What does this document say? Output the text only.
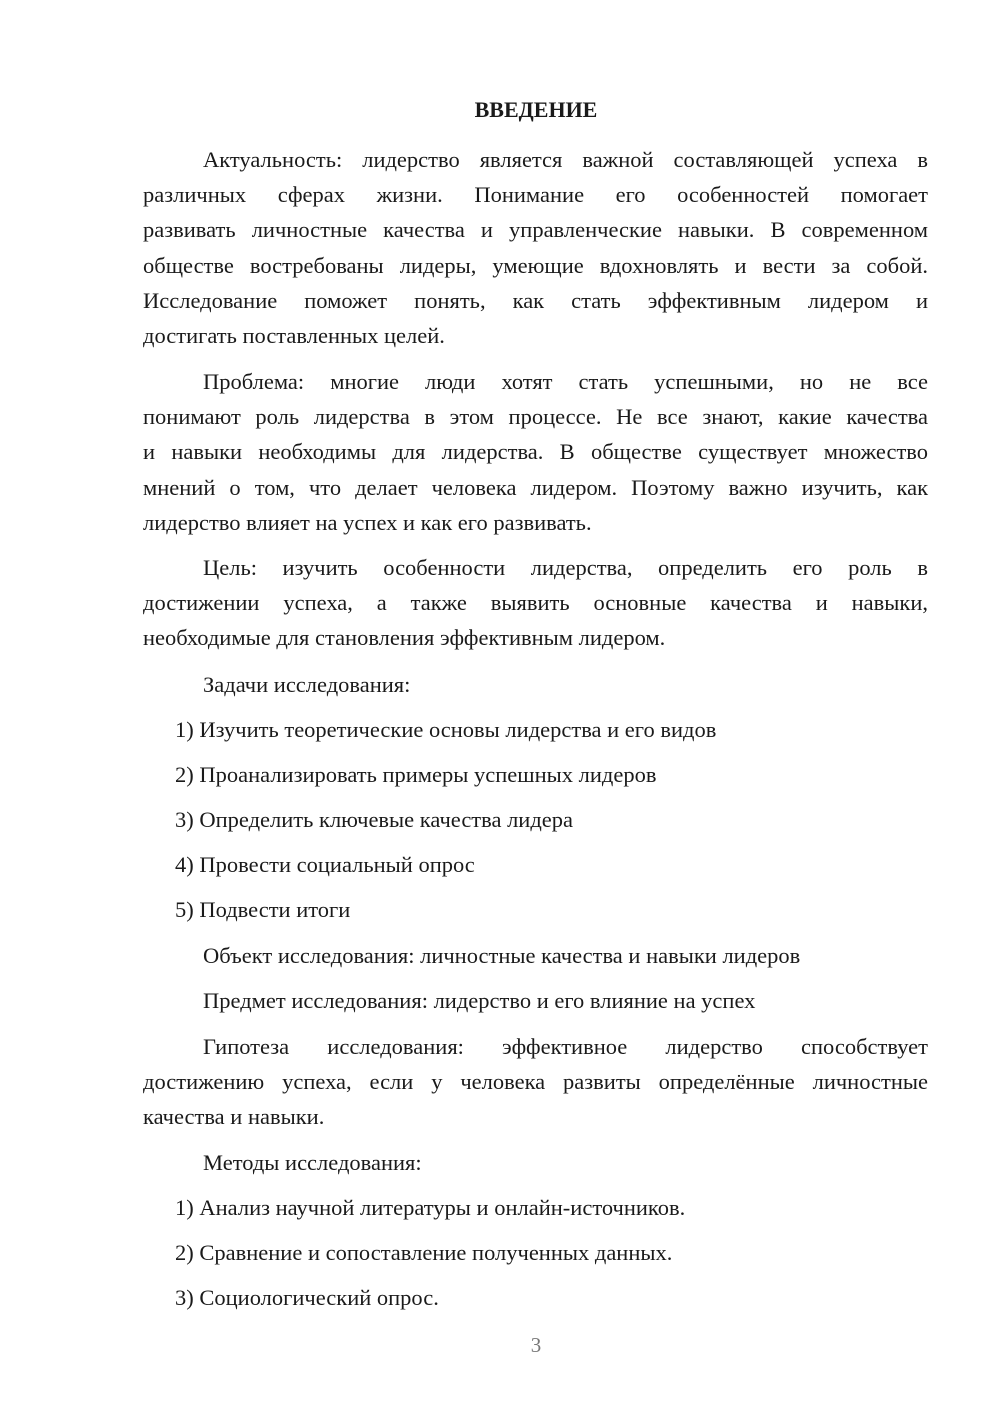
ВВЕДЕНИЕ
Актуальность: лидерство является важной составляющей успеха в
различных сферах жизни. Понимание его особенностей помогает
развивать личностные качества и управленческие навыки. В современном
обществе востребованы лидеры, умеющие вдохновлять и вести за собой.
Исследование поможет понять, как стать эффективным лидером и
достигать поставленных целей.
Проблема: многие люди хотят стать успешными, но не все
понимают роль лидерства в этом процессе. Не все знают, какие качества
и навыки необходимы для лидерства. В обществе существует множество
мнений о том, что делает человека лидером. Поэтому важно изучить, как
лидерство влияет на успех и как его развивать.
Цель: изучить особенности лидерства, определить его роль в
достижении успеха, а также выявить основные качества и навыки,
необходимые для становления эффективным лидером.
Задачи исследования:
1) Изучить теоретические основы лидерства и его видов
2) Проанализировать примеры успешных лидеров
3) Определить ключевые качества лидера
4) Провести социальный опрос
5) Подвести итоги
Объект исследования: личностные качества и навыки лидеров
Предмет исследования: лидерство и его влияние на успех
Гипотеза исследования: эффективное лидерство способствует
достижению успеха, если у человека развиты определённые личностные
качества и навыки.
Методы исследования:
1) Анализ научной литературы и онлайн-источников.
2) Сравнение и сопоставление полученных данных.
3) Социологический опрос.
3
